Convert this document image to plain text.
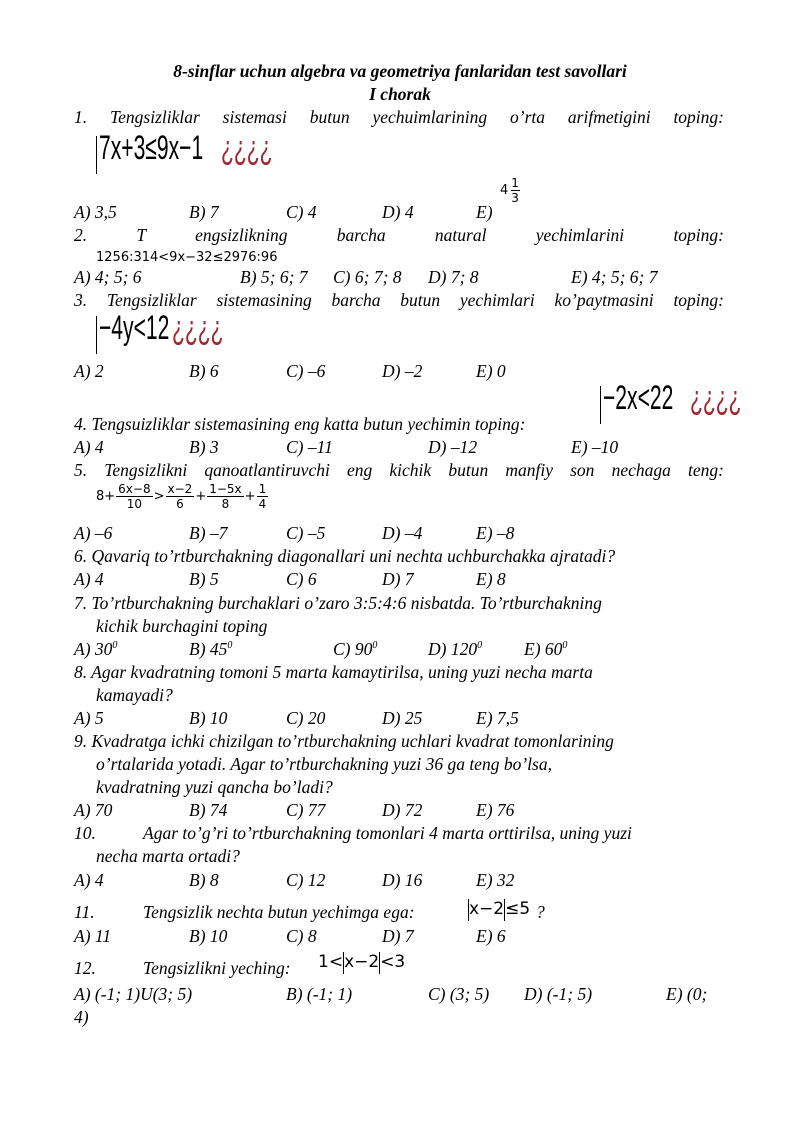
8-sinflar uchun algebra va geometriya fanlaridan test savollari
I chorak
1. Tengsizliklar sistemasi butun yechuimlarining o’rta arifmetigini toping:
7x+3≤9x−1 ¿¿¿¿
A) 3,5	B) 7	C) 4	D) 4	E)
$4 \frac{1}{3}$
2. T engsizlikning barcha natural yechimlarini toping:
1256:314<9x−32≤2976:96
A) 4; 5; 6	B) 5; 6; 7 C) 6; 7; 8 D) 7; 8	E) 4; 5; 6; 7
3. Tengsizliklar sistemasining barcha butun yechimlari ko’paytmasini toping:
−4y<12¿¿¿¿
A) 2	B) 6	C) –6	D) –2	E) 0
4. Tengsuizliklar sistemasining eng katta butun yechimin toping:
−2x<22 ¿¿¿¿
A) 4	B) 3	C) –11	D) –12	E) –10
5. Tengsizlikni qanoatlantiruvchi eng kichik butun manfiy son nechaga teng:
$8+ \frac{6x-8}{10} > \frac{x-2}{6} + \frac{1-5x}{8} + \frac{1}{4}$
A) –6	B) –7	C) –5	D) –4	E) –8
6. Qavariq to’rtburchakning diagonallari uni nechta uchburchakka ajratadi?
A) 4	B) 5	C) 6	D) 7	E) 8
7. To’rtburchakning burchaklari o’zaro 3:5:4:6 nisbatda. To’rtburchakning
kichik burchagini toping
A) $30^0$	B) $45^0$	C) $90^0$	D) $120^0$ E) $60^0$
8. Agar kvadratning tomoni 5 marta kamaytirilsa, uning yuzi necha marta
kamayadi?
A) 5	B) 10	C) 20	D) 25	E) 7,5
9. Kvadratga ichki chizilgan to’rtburchakning uchlari kvadrat tomonlarining
o’rtalarida yotadi. Agar to’rtburchakning yuzi 36 ga teng bo’lsa,
kvadratning yuzi qancha bo’ladi?
A) 70	B) 74	C) 77	D) 72	E) 76
10.	Agar to’g’ri to’rtburchakning tomonlari 4 marta orttirilsa, uning yuzi
necha marta ortadi?
A) 4	B) 8	C) 12	D) 16	E) 32
11.	Tengsizlik nechta butun yechimga ega:	x−2≤5 ?
A) 11	B) 10	C) 8	D) 7	E) 6
12.	Tengsizlikni yeching: 1<x−2<3
A) (-1; 1)U(3; 5)	B) (-1; 1)	C) (3; 5) D) (-1; 5)	E) (0;
4)
